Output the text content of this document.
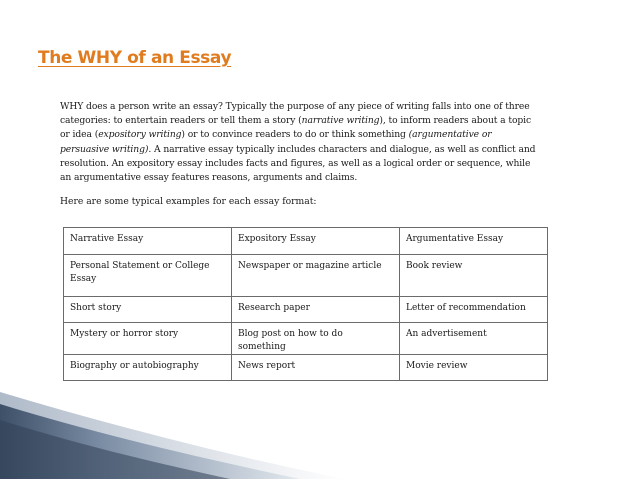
The WHY of an Essay

WHY does a person write an essay? Typically the purpose of any piece of writing falls into one of three categories: to entertain readers or tell them a story (narrative writing), to inform readers about a topic or idea (expository writing) or to convince readers to do or think something (argumentative or persuasive writing). A narrative essay typically includes characters and dialogue, as well as conflict and resolution. An expository essay includes facts and figures, as well as a logical order or sequence, while an argumentative essay features reasons, arguments and claims.

Here are some typical examples for each essay format:

Narrative Essay	Expository Essay	Argumentative Essay
Personal Statement or College Essay	Newspaper or magazine article	Book review
Short story	Research paper	Letter of recommendation
Mystery or horror story	Blog post on how to do something	An advertisement
Biography or autobiography	News report	Movie review
